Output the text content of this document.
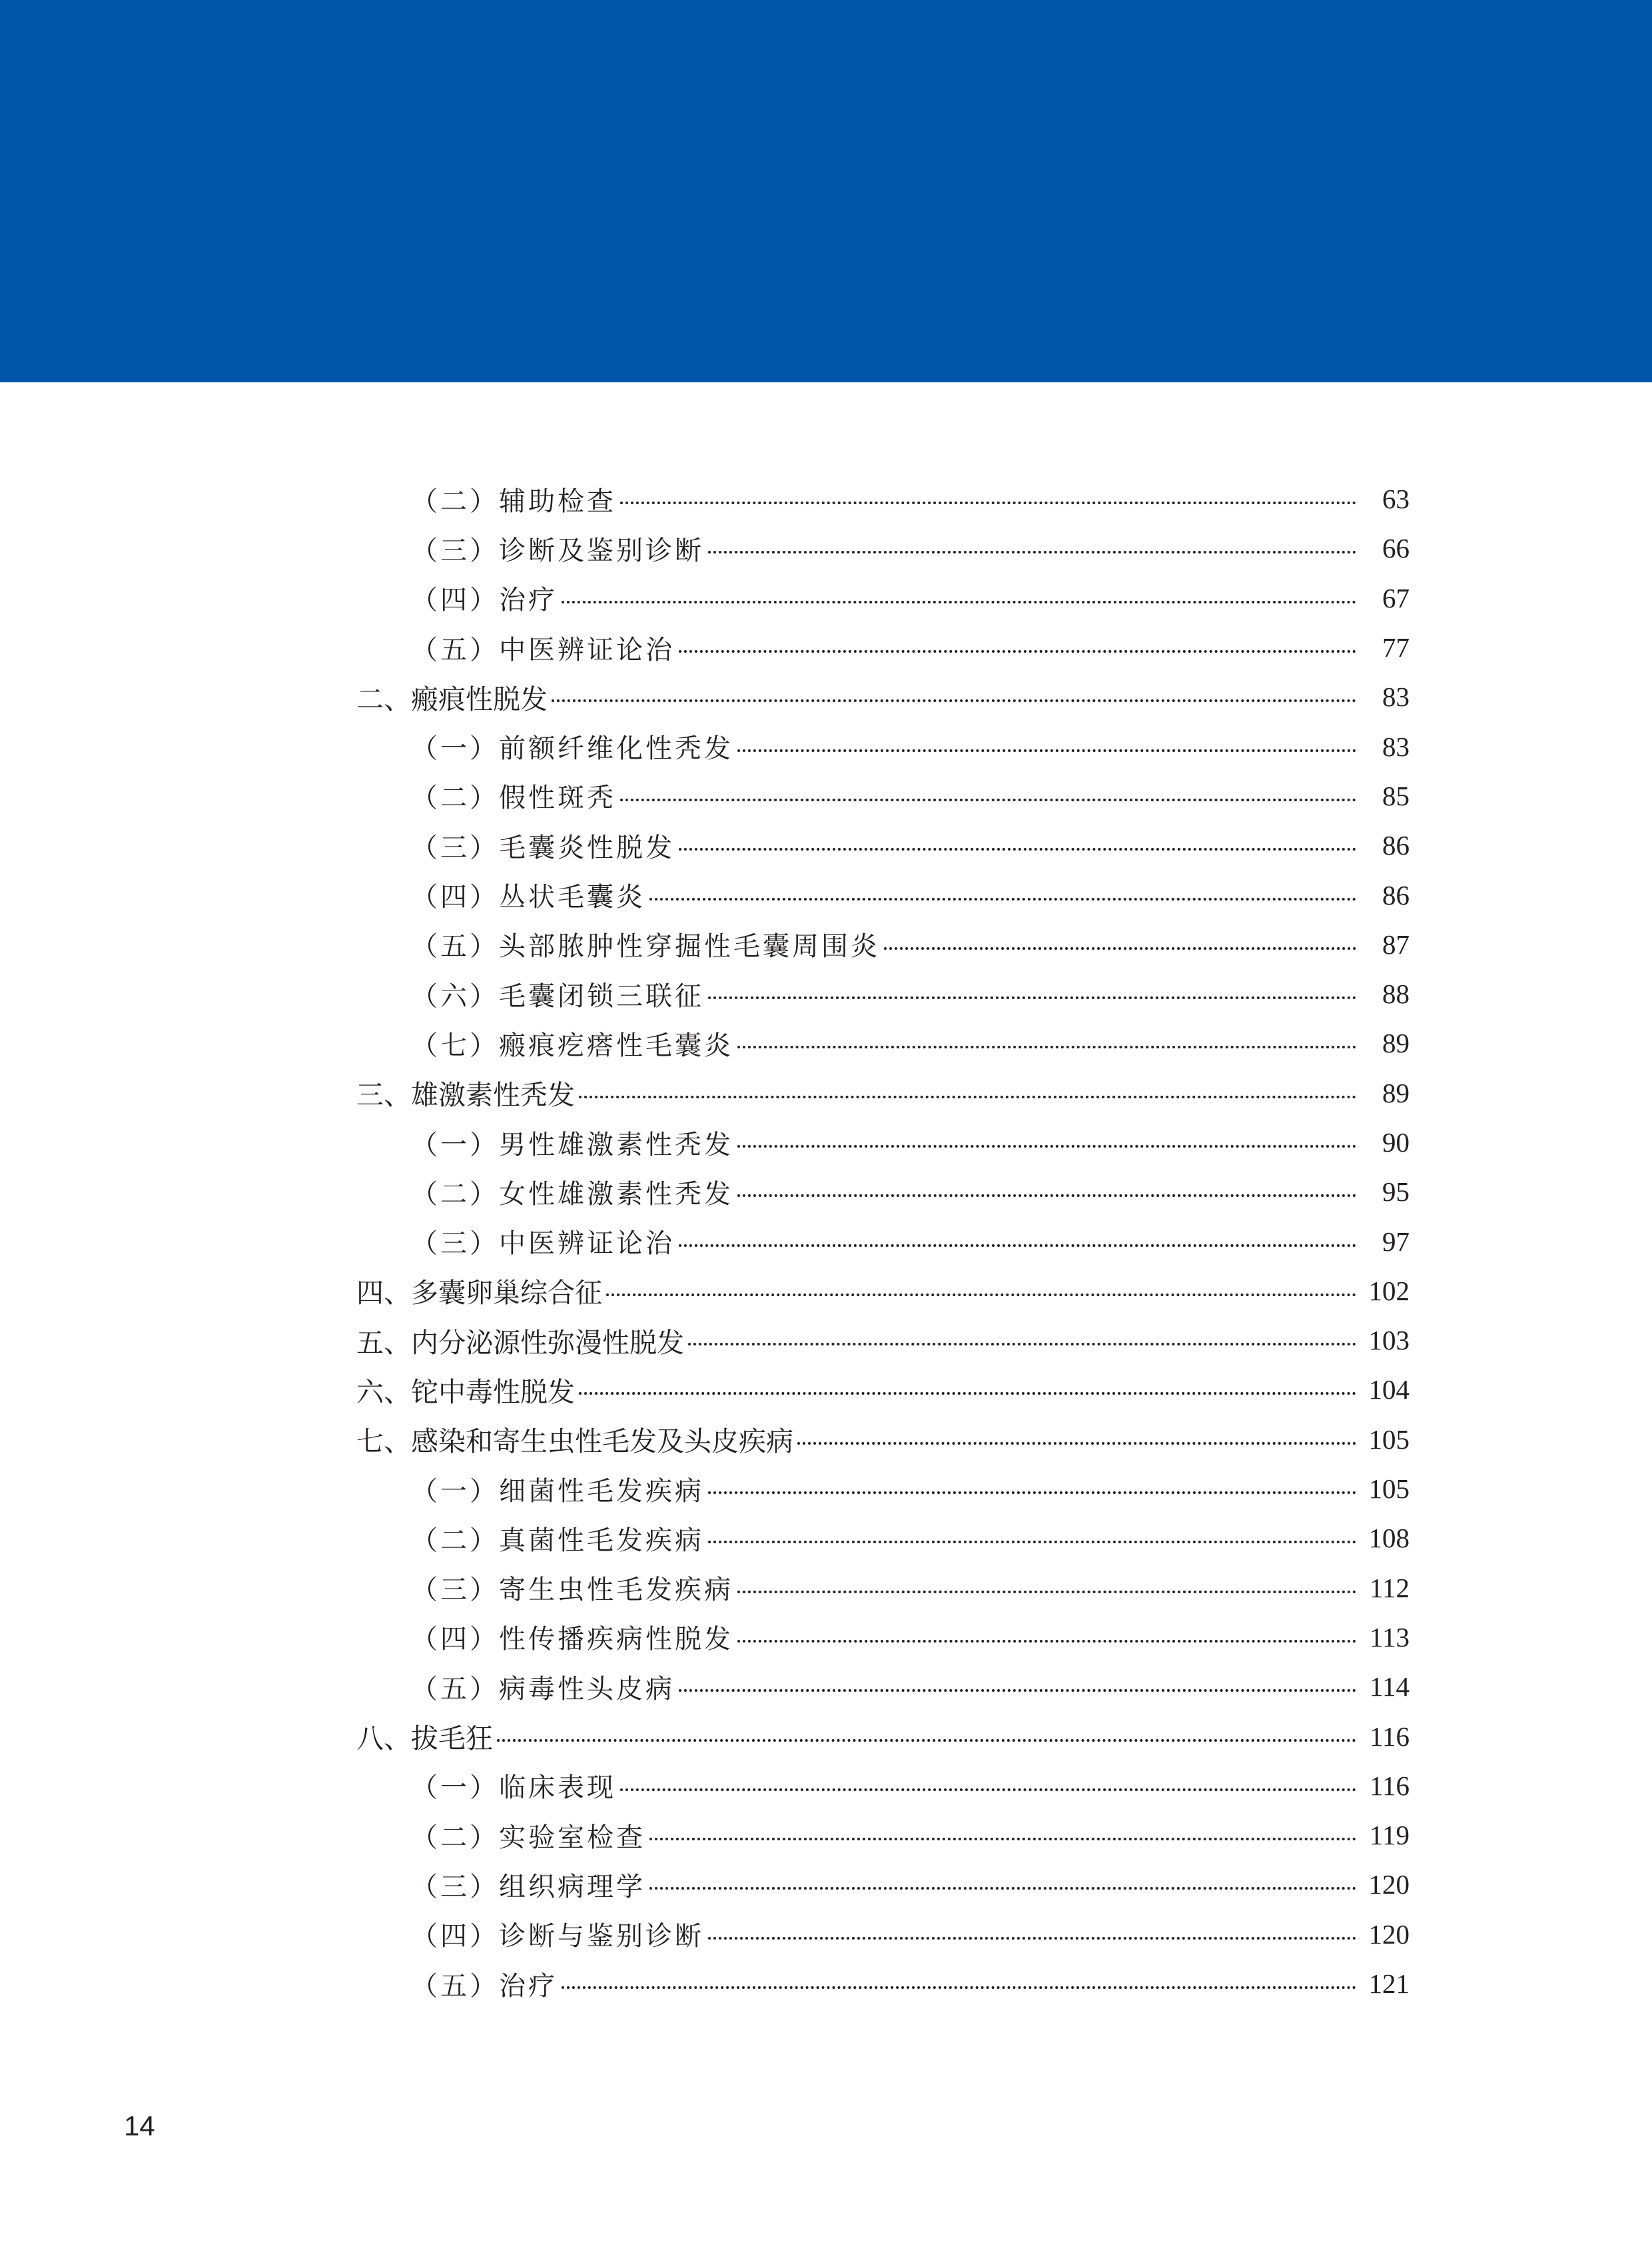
（二）辅助检查	63
（三）诊断及鉴别诊断	66
（四）治疗	67
（五）中医辨证论治	77
二、瘢痕性脱发	83
（一）前额纤维化性秃发	83
（二）假性斑秃	85
（三）毛囊炎性脱发	86
（四）丛状毛囊炎	86
（五）头部脓肿性穿掘性毛囊周围炎	87
（六）毛囊闭锁三联征	88
（七）瘢痕疙瘩性毛囊炎	89
三、雄激素性秃发	89
（一）男性雄激素性秃发	90
（二）女性雄激素性秃发	95
（三）中医辨证论治	97
四、多囊卵巢综合征	102
五、内分泌源性弥漫性脱发	103
六、铊中毒性脱发	104
七、感染和寄生虫性毛发及头皮疾病	105
（一）细菌性毛发疾病	105
（二）真菌性毛发疾病	108
（三）寄生虫性毛发疾病	112
（四）性传播疾病性脱发	113
（五）病毒性头皮病	114
八、拔毛狂	116
（一）临床表现	116
（二）实验室检查	119
（三）组织病理学	120
（四）诊断与鉴别诊断	120
（五）治疗	121
14
